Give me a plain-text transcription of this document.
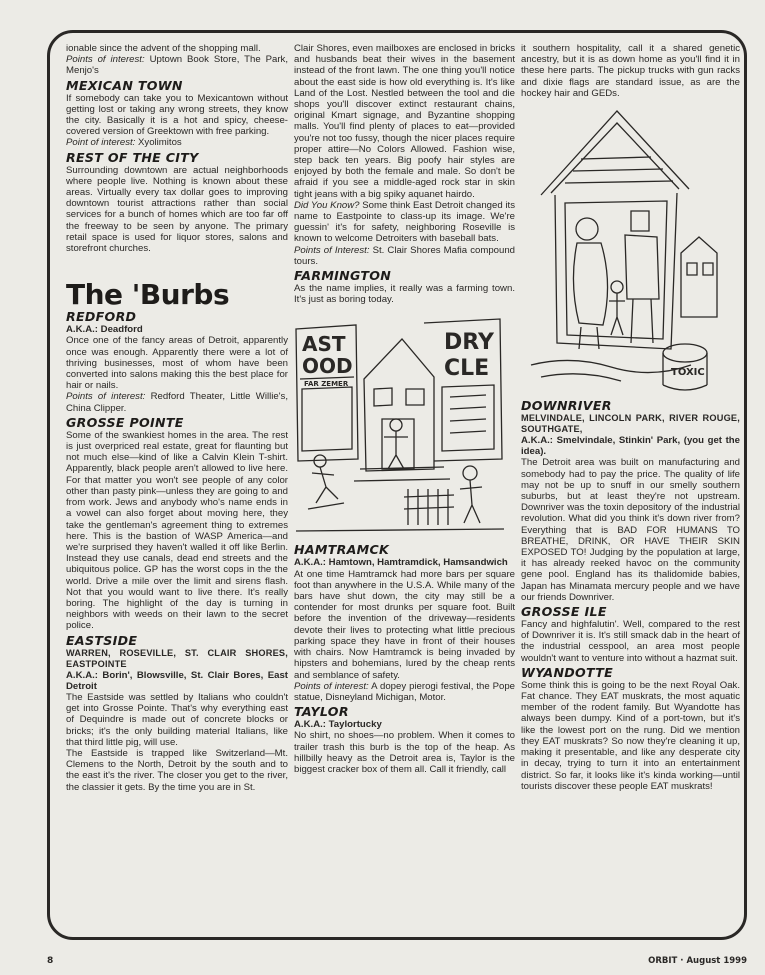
ionable since the advent of the shopping mall.

Points of interest: Uptown Book Store, The Park, Menjo's

MEXICAN TOWN

If somebody can take you to Mexicantown without getting lost or taking any wrong streets, they know the city. Basically it is a hot and spicy, cheese-covered version of Greektown with free parking.

Point of interest: Xyolimitos

REST OF THE CITY

Surrounding downtown are actual neighborhoods where people live. Nothing is known about these areas. Virtually every tax dollar goes to improving downtown tourist attractions rather than social services for a bunch of homes which are too far off the freeway to be seen by anyone. The primary retail space is used for liquor stores, salons and storefront churches.

The 'Burbs
REDFORD

A.K.A.: Deadford

Once one of the fancy areas of Detroit, apparently once was enough. Apparently there were a lot of thriving businesses, most of whom have been converted into salons making this the best place for hair or nails.

Points of interest: Redford Theater, Little Willie's, China Clipper.

GROSSE POINTE

Some of the swankiest homes in the area. The rest is just overpriced real estate, great for flaunting but not much else—kind of like a Calvin Klein T-shirt. Apparently, black people aren't allowed to live here. For that matter you won't see people of any color other than pasty pink—unless they are going to and from work. Jews and anybody who's name ends in a vowel can also forget about moving here, they take the gentleman's agreement thing to extremes here. This is the bastion of WASP America—and we're surprised they haven't walled it off like Berlin. Instead they use canals, dead end streets and the ubiquitous police. GP has the worst cops in the the world. Drive a mile over the limit and sirens flash. Not that you would want to live there. It's really boring. The highlight of the day is turning in neighbors with weeds on their lawn to the secret police.

EASTSIDE

WARREN, ROSEVILLE, ST. CLAIR SHORES, EASTPOINTE

A.K.A.: Borin', Blowsville, St. Clair Bores, East Detroit

The Eastside was settled by Italians who couldn't get into Grosse Pointe. That's why everything east of Dequindre is made out of concrete blocks or bricks; it's the only building material Italians, like that third little pig, will use.

The Eastside is trapped like Switzerland—Mt. Clemens to the North, Detroit by the south and to the east it's the river. The closer you get to the river, the classier it gets. By the time you are in St.

Clair Shores, even mailboxes are enclosed in bricks and husbands beat their wives in the basement instead of the front lawn. The one thing you'll notice about the east side is how old everything is. It's like Land of the Lost. Nestled between the tool and die shops you'll discover extinct restaurant chains, original Kmart signage, and Byzantine shopping malls. You'll find plenty of places to eat—provided you're not too fussy, though the nicer places require proper attire—No Colors Allowed. Fashion wise, step back ten years. Big poofy hair styles are enjoyed by both the female and male. So don't be afraid if you see a middle-aged rock star in skin tight jeans with a big spiky aquanet hairdo.

Did You Know? Some think East Detroit changed its name to Eastpointe to class-up its image. We're guessin' it's for safety, neighboring Roseville is known to welcome Detroiters with baseball bats.

Points of Interest: St. Clair Shores Mafia compound tours.

FARMINGTON

As the name implies, it really was a farming town. It's just as boring today.

AST
OOD
DRY
CLE
FAR ZEMER
HAMTRAMCK

A.K.A.: Hamtown, Hamtramdick, Hamsandwich

At one time Hamtramck had more bars per square foot than anywhere in the U.S.A. While many of the bars have shut down, the city may still be a contender for most drunks per square foot. Built before the invention of the driveway—residents devote their lives to protecting what little precious parking space they have in front of their houses with chairs. Now Hamtramck is being invaded by hipsters and bohemians, lured by the cheap rents and semblance of safety.

Points of interest: A dopey pierogi festival, the Pope statue, Disneyland Michigan, Motor.

TAYLOR

A.K.A.: Taylortucky

No shirt, no shoes—no problem. When it comes to trailer trash this burb is the top of the heap. As hillbilly heavy as the Detroit area is, Taylor is the biggest cracker box of them all. Call it friendly, call

it southern hospitality, call it a shared genetic ancestry, but it is as down home as you'll find it in these here parts. The pickup trucks with gun racks and dixie flags are standard issue, as are the hockey hair and GEDs.

TOXIC
DOWNRIVER

MELVINDALE, LINCOLN PARK, RIVER ROUGE, SOUTHGATE,

A.K.A.: Smelvindale, Stinkin' Park, (you get the idea).

The Detroit area was built on manufacturing and somebody had to pay the price. The quality of life may not be up to snuff in our smelly southern suburbs, but at least they're not upstream. Downriver was the toxin depository of the industrial revolution. What did you think it's down river from? Everything that is BAD FOR HUMANS TO BREATHE, DRINK, OR HAVE THEIR SKIN EXPOSED TO! Judging by the population at large, it has already reeked havoc on the community gene pool. England has its thalidomide babies, Japan has Minamata mercury people and we have our friends Downriver.

GROSSE ILE

Fancy and highfalutin'. Well, compared to the rest of Downriver it is. It's still smack dab in the heart of the industrial cesspool, an area most people wouldn't want to venture into without a hazmat suit.

WYANDOTTE

Some think this is going to be the next Royal Oak. Fat chance. They EAT muskrats, the most aquatic member of the rodent family. But Wyandotte has always been dumpy. Kind of a port-town, but it's like the lowest port on the rung. Did we mention they EAT muskrats? So now they're cleaning it up, making it presentable, and like any desperate city in decay, trying to turn it into an entertainment district. So far, it looks like it's kinda working—until tourists discover these people EAT muskrats!

8	ORBIT · August 1999
